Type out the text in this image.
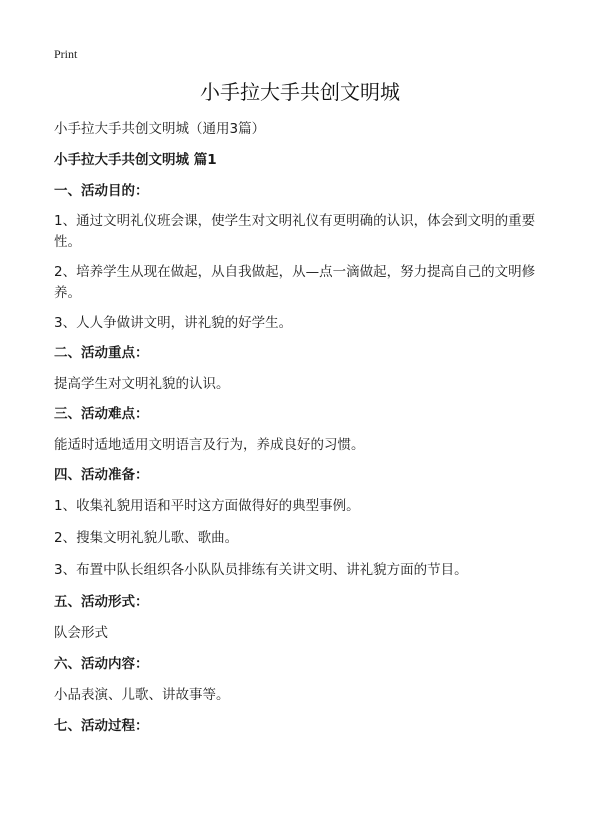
Print
小手拉大手共创文明城

小手拉大手共创文明城（通用3篇）

小手拉大手共创文明城 篇1

一、活动目的：

1、通过文明礼仪班会课，使学生对文明礼仪有更明确的认识，体会到文明的重要

性。

2、培养学生从现在做起，从自我做起，从—点一滴做起，努力提高自己的文明修

养。

3、人人争做讲文明，讲礼貌的好学生。

二、活动重点：

提高学生对文明礼貌的认识。

三、活动难点：

能适时适地适用文明语言及行为，养成良好的习惯。

四、活动准备：

1、收集礼貌用语和平时这方面做得好的典型事例。

2、搜集文明礼貌儿歌、歌曲。

3、布置中队长组织各小队队员排练有关讲文明、讲礼貌方面的节目。

五、活动形式：

队会形式

六、活动内容：

小品表演、儿歌、讲故事等。

七、活动过程：
